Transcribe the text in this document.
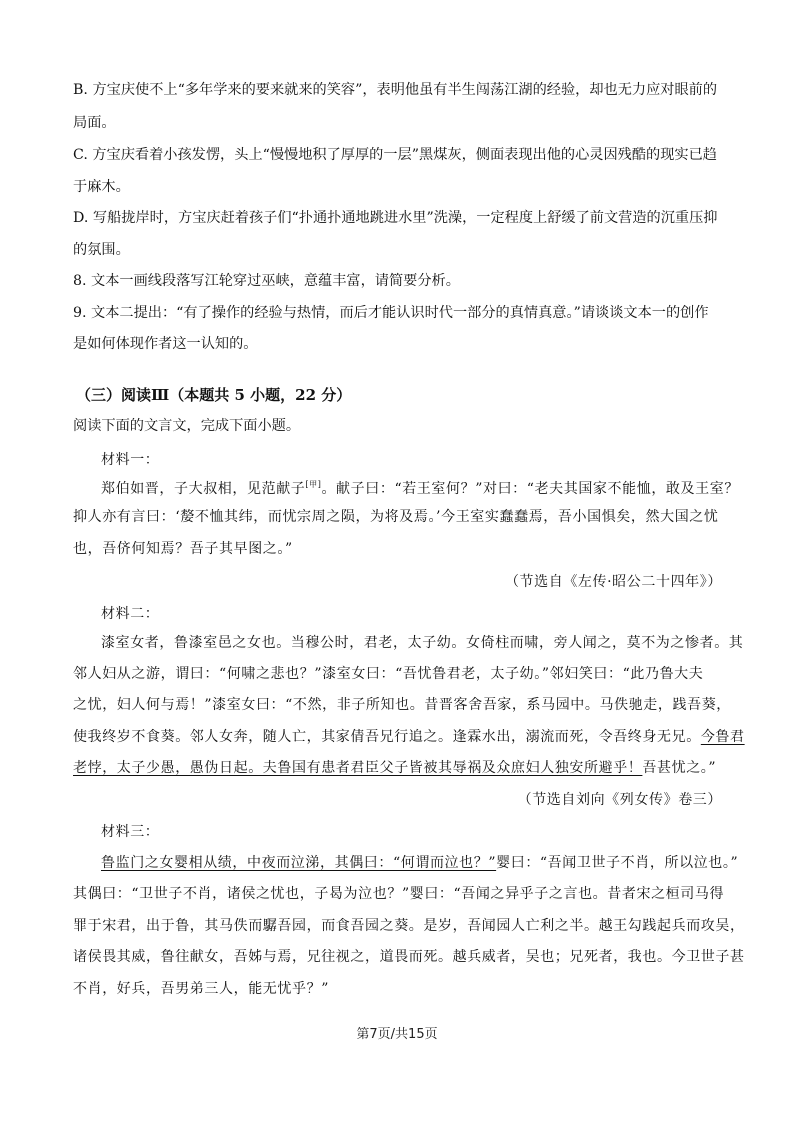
B. 方宝庆使不上“多年学来的要来就来的笑容”，表明他虽有半生闯荡江湖的经验，却也无力应对眼前的
局面。
C. 方宝庆看着小孩发愣，头上“慢慢地积了厚厚的一层”黑煤灰，侧面表现出他的心灵因残酷的现实已趋
于麻木。
D. 写船拢岸时，方宝庆赶着孩子们“扑通扑通地跳进水里”洗澡，一定程度上舒缓了前文营造的沉重压抑
的氛围。
8. 文本一画线段落写江轮穿过巫峡，意蕴丰富，请简要分析。
9. 文本二提出：“有了操作的经验与热情，而后才能认识时代一部分的真情真意。”请谈谈文本一的创作
是如何体现作者这一认知的。
（三）阅读Ⅲ（本题共 5 小题，22 分）
阅读下面的文言文，完成下面小题。
材料一：
郑伯如晋，子大叔相，见范献子[甲]。献子曰：“若王室何？”对曰：“老夫其国家不能恤，敢及王室？
抑人亦有言曰：‘嫠不恤其纬，而忧宗周之陨，为将及焉。’今王室实蠢蠢焉，吾小国惧矣，然大国之忧
也，吾侪何知焉？吾子其早图之。”
（节选自《左传·昭公二十四年》）
材料二：
漆室女者，鲁漆室邑之女也。当穆公时，君老，太子幼。女倚柱而啸，旁人闻之，莫不为之惨者。其
邻人妇从之游，谓曰：“何啸之悲也？”漆室女曰：“吾忧鲁君老，太子幼。”邻妇笑曰：“此乃鲁大夫
之忧，妇人何与焉！”漆室女曰：“不然，非子所知也。昔晋客舍吾家，系马园中。马佚驰走，践吾葵，
使我终岁不食葵。邻人女奔，随人亡，其家倩吾兄行追之。逢霖水出，溺流而死，令吾终身无兄。今鲁君
老悖，太子少愚，愚伪日起。夫鲁国有患者君臣父子皆被其辱祸及众庶妇人独安所避乎！吾甚忧之。”
（节选自刘向《列女传》卷三）
材料三：
鲁监门之女婴相从绩，中夜而泣涕，其偶曰：“何谓而泣也？”婴曰：“吾闻卫世子不肖，所以泣也。”
其偶曰：“卫世子不肖，诸侯之忧也，子曷为泣也？”婴曰：“吾闻之异乎子之言也。昔者宋之桓司马得
罪于宋君，出于鲁，其马佚而驏吾园，而食吾园之葵。是岁，吾闻园人亡利之半。越王勾践起兵而攻吴，
诸侯畏其威，鲁往献女，吾姊与焉，兄往视之，道畏而死。越兵威者，吴也；兄死者，我也。今卫世子甚
不肖，好兵，吾男弟三人，能无忧乎？”
第7页/共15页
